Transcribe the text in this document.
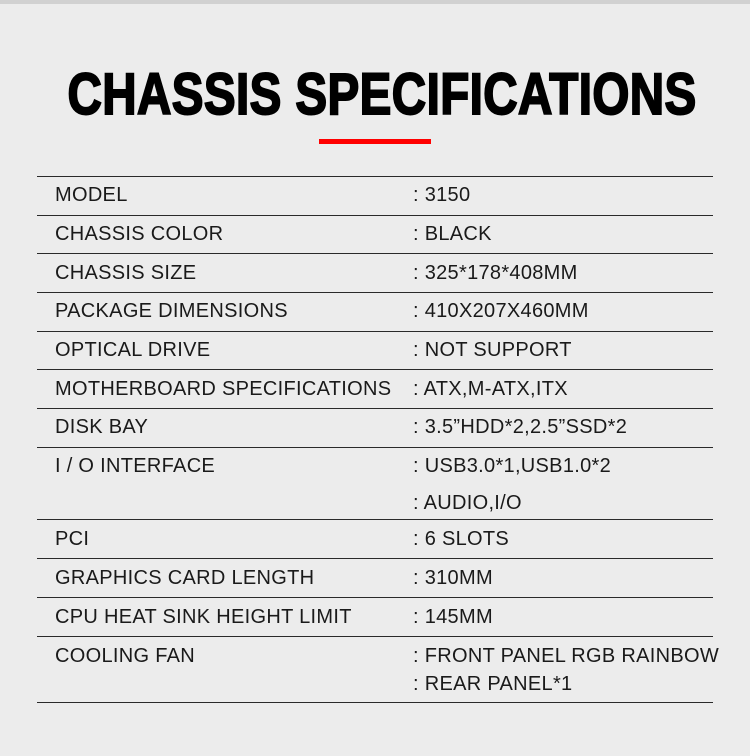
CHASSIS SPECIFICATIONS
MODEL	: 3150
CHASSIS COLOR	: BLACK
CHASSIS SIZE	: 325*178*408MM
PACKAGE DIMENSIONS	: 410X207X460MM
OPTICAL DRIVE	: NOT SUPPORT
MOTHERBOARD SPECIFICATIONS	: ATX,M-ATX,ITX
DISK BAY	: 3.5”HDD*2,2.5”SSD*2
I / O INTERFACE	: USB3.0*1,USB1.0*2
: AUDIO,I/O
PCI	: 6 SLOTS
GRAPHICS CARD LENGTH	: 310MM
CPU HEAT SINK HEIGHT LIMIT	: 145MM
COOLING FAN	: FRONT PANEL RGB RAINBOW
: REAR PANEL*1
